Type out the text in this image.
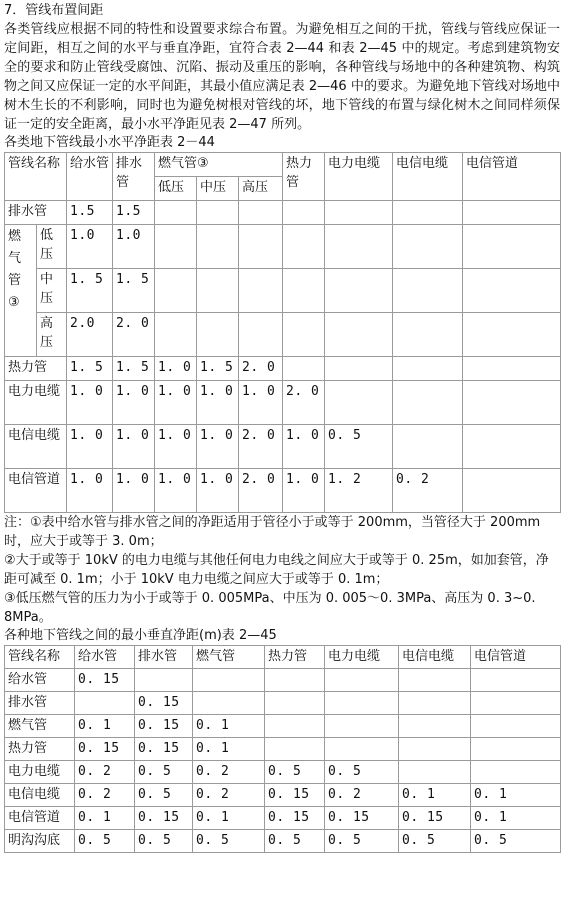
7．管线布置间距

各类管线应根据不同的特性和设置要求综合布置。为避免相互之间的干扰，管线与管线应保证一定间距，相互之间的水平与垂直净距，宜符合表 2—44 和表 2—45 中的规定。考虑到建筑物安全的要求和防止管线受腐蚀、沉陷、振动及重压的影响，各种管线与场地中的各种建筑物、构筑物之间又应保证一定的水平间距，其最小值应满足表 2—46 中的要求。为避免地下管线对场地中树木生长的不利影响，同时也为避免树根对管线的坏，地下管线的布置与绿化树木之间同样须保证一定的安全距离，最小水平净距见表 2—47 所列。

各类地下管线最小水平净距表 2－44
管线名称		给水管	排水管	燃气管③			热力管	电力电缆	电信电缆	电信管道
				低压	中压	高压				
排水管		1.5	1.5							
燃
气
管
③	低压	1.0	1.0							
	中压	1. 5	1. 5							
	高压	2.0	2. 0							
热力管		1. 5	1. 5	1. 0	1. 5	2. 0				
电力电缆		1. 0	1. 0	1. 0	1. 0	1. 0	2. 0			
电信电缆		1. 0	1. 0	1. 0	1. 0	2. 0	1. 0	0. 5		
电信管道		1. 0	1. 0	1. 0	1. 0	2. 0	1. 0	1. 2	0. 2	

注：①表中给水管与排水管之间的净距适用于管径小于或等于 200mm，当管径大于 200mm 时，应大于或等于 3. 0m；

②大于或等于 10kV 的电力电缆与其他任何电力电线之间应大于或等于 0. 25m，如加套管，净距可减至 0. 1m；小于 10kV 电力电缆之间应大于或等于 0. 1m；

③低压燃气管的压力为小于或等于 0. 005MPa、中压为 0. 005～0. 3MPa、高压为 0. 3~0. 8MPa。

各种地下管线之间的最小垂直净距(m)表 2—45
管线名称	给水管	排水管	燃气管	热力管	电力电缆	电信电缆	电信管道
给水管	0. 15						
排水管		0. 15					
燃气管	0. 1	0. 15	0. 1				
热力管	0. 15	0. 15	0. 1				
电力电缆	0. 2	0. 5	0. 2	0. 5	0. 5		
电信电缆	0. 2	0. 5	0. 2	0. 15	0. 2	0. 1	0. 1
电信管道	0. 1	0. 15	0. 1	0. 15	0. 15	0. 15	0. 1
明沟沟底	0. 5	0. 5	0. 5	0. 5	0. 5	0. 5	0. 5
